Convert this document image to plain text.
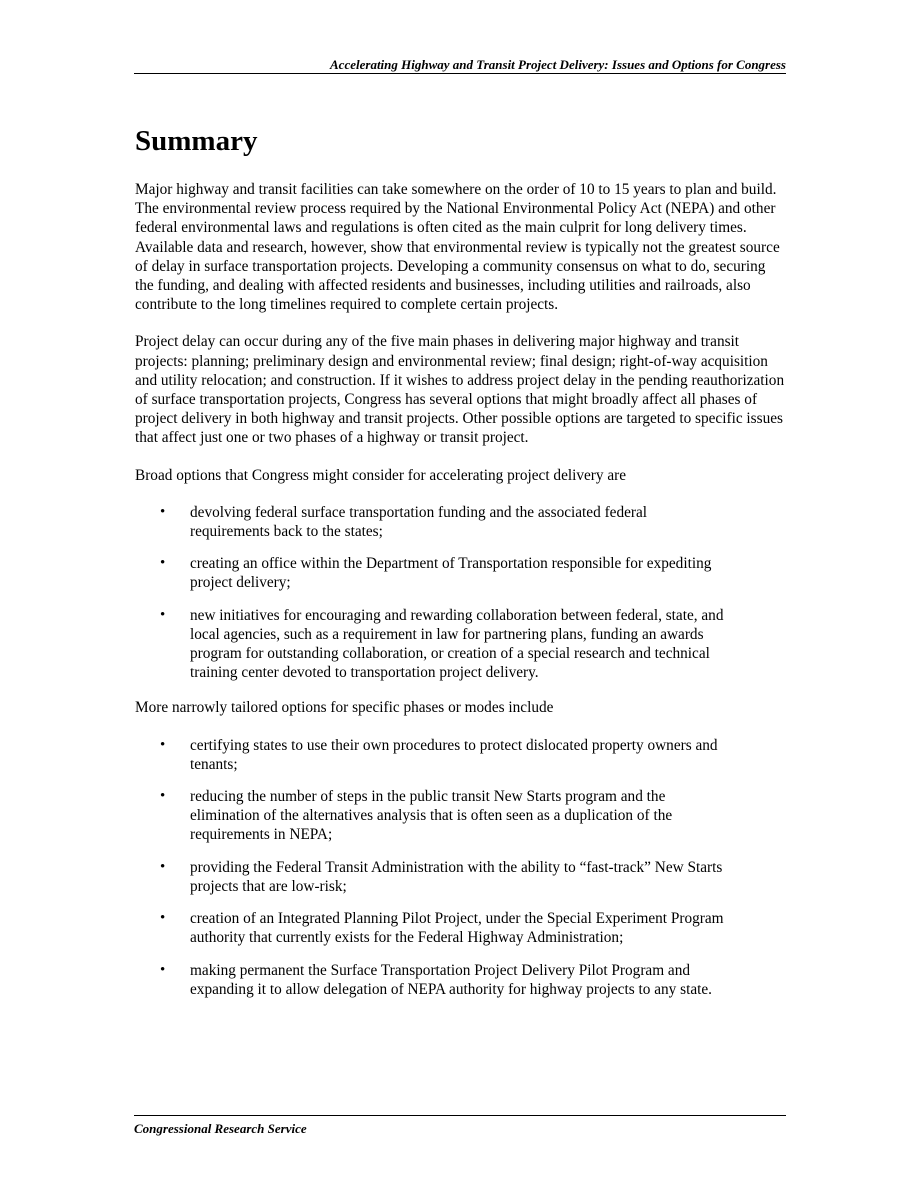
Accelerating Highway and Transit Project Delivery: Issues and Options for Congress
Summary

Major highway and transit facilities can take somewhere on the order of 10 to 15 years to plan and build. The environmental review process required by the National Environmental Policy Act (NEPA) and other federal environmental laws and regulations is often cited as the main culprit for long delivery times. Available data and research, however, show that environmental review is typically not the greatest source of delay in surface transportation projects. Developing a community consensus on what to do, securing the funding, and dealing with affected residents and businesses, including utilities and railroads, also contribute to the long timelines required to complete certain projects.

Project delay can occur during any of the five main phases in delivering major highway and transit projects: planning; preliminary design and environmental review; final design; right-of-way acquisition and utility relocation; and construction. If it wishes to address project delay in the pending reauthorization of surface transportation projects, Congress has several options that might broadly affect all phases of project delivery in both highway and transit projects. Other possible options are targeted to specific issues that affect just one or two phases of a highway or transit project.

Broad options that Congress might consider for accelerating project delivery are

• devolving federal surface transportation funding and the associated federal requirements back to the states;
• creating an office within the Department of Transportation responsible for expediting project delivery;
• new initiatives for encouraging and rewarding collaboration between federal, state, and local agencies, such as a requirement in law for partnering plans, funding an awards program for outstanding collaboration, or creation of a special research and technical training center devoted to transportation project delivery.

More narrowly tailored options for specific phases or modes include

• certifying states to use their own procedures to protect dislocated property owners and tenants;
• reducing the number of steps in the public transit New Starts program and the elimination of the alternatives analysis that is often seen as a duplication of the requirements in NEPA;
• providing the Federal Transit Administration with the ability to “fast-track” New Starts projects that are low-risk;
• creation of an Integrated Planning Pilot Project, under the Special Experiment Program authority that currently exists for the Federal Highway Administration;
• making permanent the Surface Transportation Project Delivery Pilot Program and expanding it to allow delegation of NEPA authority for highway projects to any state.
Congressional Research Service
